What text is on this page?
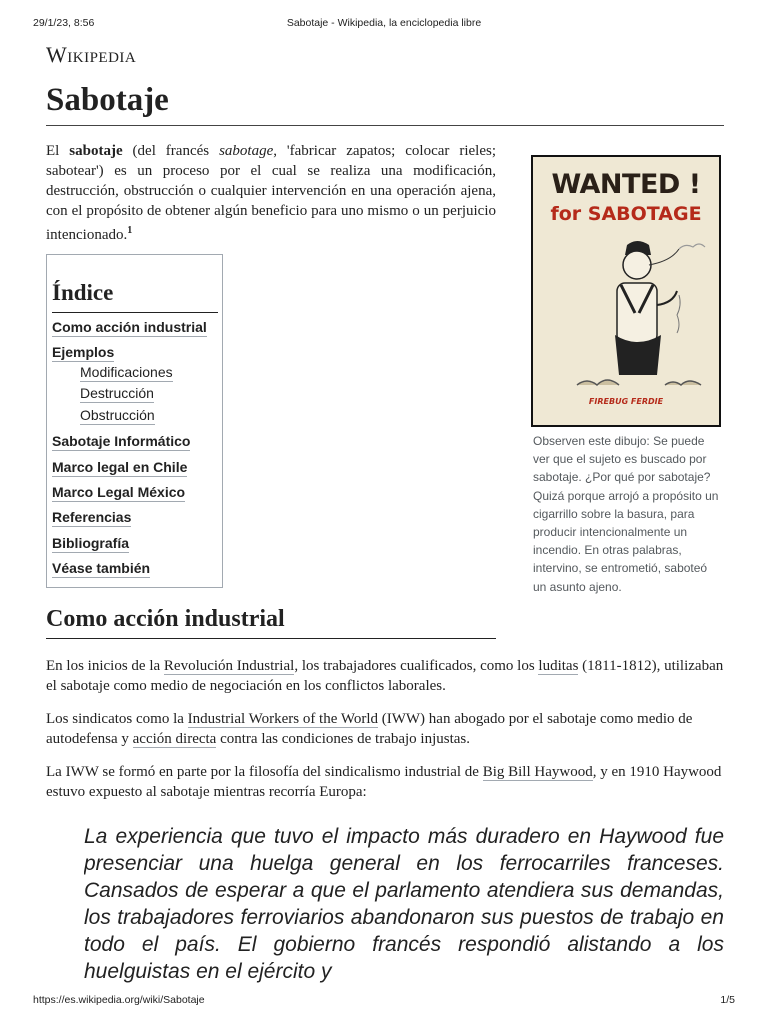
29/1/23, 8:56	Sabotaje - Wikipedia, la enciclopedia libre
Wikipedia
Sabotaje

El sabotaje (del francés sabotage, 'fabricar zapatos; colocar rieles; sabotear') es un proceso por el cual se realiza una modificación, destrucción, obstrucción o cualquier intervención en una operación ajena, con el propósito de obtener algún beneficio para uno mismo o un perjuicio intencionado.$^1$

WANTED !
for SABOTAGE
FIREBUG FERDIE

Observen este dibujo: Se puede ver que el sujeto es buscado por sabotaje. ¿Por qué por sabotaje? Quizá porque arrojó a propósito un cigarrillo sobre la basura, para producir intencionalmente un incendio. En otras palabras, intervino, se entrometió, saboteó un asunto ajeno.

Índice
Como acción industrial
Ejemplos
Modificaciones
Destrucción
Obstrucción
Sabotaje Informático
Marco legal en Chile
Marco Legal México
Referencias
Bibliografía
Véase también
Como acción industrial

En los inicios de la Revolución Industrial, los trabajadores cualificados, como los luditas (1811-1812), utilizaban el sabotaje como medio de negociación en los conflictos laborales.

Los sindicatos como la Industrial Workers of the World (IWW) han abogado por el sabotaje como medio de autodefensa y acción directa contra las condiciones de trabajo injustas.

La IWW se formó en parte por la filosofía del sindicalismo industrial de Big Bill Haywood, y en 1910 Haywood estuvo expuesto al sabotaje mientras recorría Europa:

La experiencia que tuvo el impacto más duradero en Haywood fue presenciar una huelga general en los ferrocarriles franceses. Cansados de esperar a que el parlamento atendiera sus demandas, los trabajadores ferroviarios abandonaron sus puestos de trabajo en todo el país. El gobierno francés respondió alistando a los huelguistas en el ejército y

https://es.wikipedia.org/wiki/Sabotaje	1/5
